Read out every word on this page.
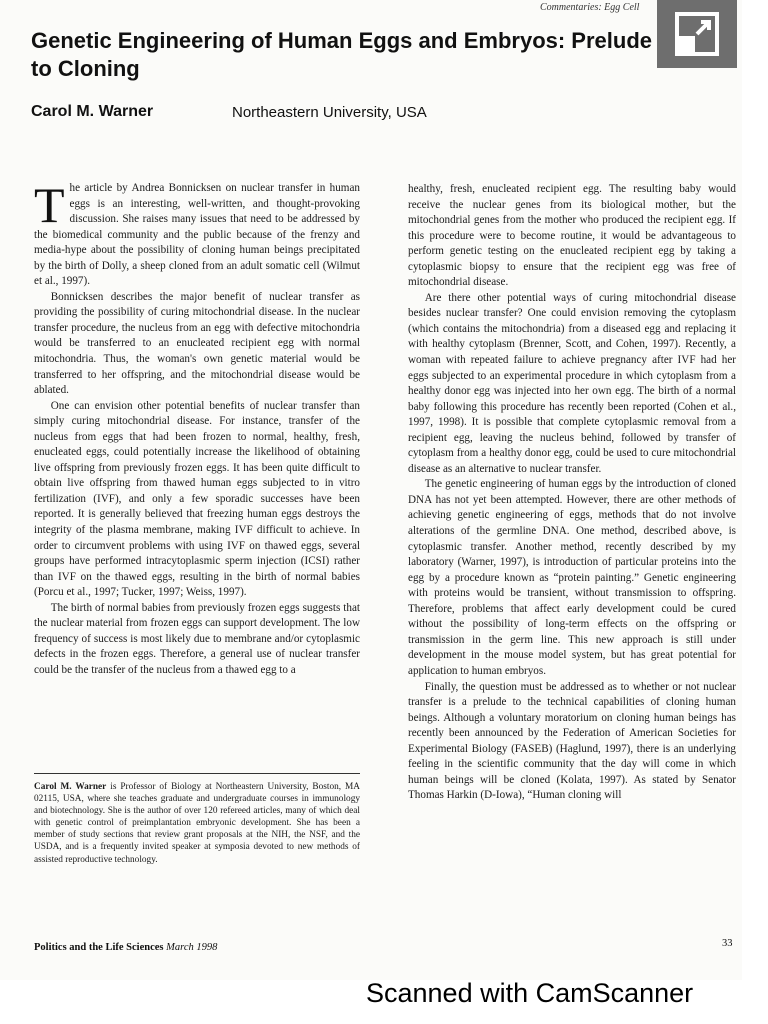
Commentaries: Egg Cell
Genetic Engineering of Human Eggs and Embryos: Prelude to Cloning

Carol M. Warner	Northeastern University, USA

The article by Andrea Bonnicksen on nuclear transfer in human eggs is an interesting, well-written, and thought-provoking discussion. She raises many issues that need to be addressed by the biomedical community and the public because of the frenzy and media-hype about the possibility of cloning human beings precipitated by the birth of Dolly, a sheep cloned from an adult somatic cell (Wilmut et al., 1997).

Bonnicksen describes the major benefit of nuclear transfer as providing the possibility of curing mitochondrial disease. In the nuclear transfer procedure, the nucleus from an egg with defective mitochondria would be transferred to an enucleated recipient egg with normal mitochondria. Thus, the woman's own genetic material would be transferred to her offspring, and the mitochondrial disease would be ablated.

One can envision other potential benefits of nuclear transfer than simply curing mitochondrial disease. For instance, transfer of the nucleus from eggs that had been frozen to normal, healthy, fresh, enucleated eggs, could potentially increase the likelihood of obtaining live offspring from previously frozen eggs. It has been quite difficult to obtain live offspring from thawed human eggs subjected to in vitro fertilization (IVF), and only a few sporadic successes have been reported. It is generally believed that freezing human eggs destroys the integrity of the plasma membrane, making IVF difficult to achieve. In order to circumvent problems with using IVF on thawed eggs, several groups have performed intracytoplasmic sperm injection (ICSI) rather than IVF on the thawed eggs, resulting in the birth of normal babies (Porcu et al., 1997; Tucker, 1997; Weiss, 1997).

The birth of normal babies from previously frozen eggs suggests that the nuclear material from frozen eggs can support development. The low frequency of success is most likely due to membrane and/or cytoplasmic defects in the frozen eggs. Therefore, a general use of nuclear transfer could be the transfer of the nucleus from a thawed egg to a

healthy, fresh, enucleated recipient egg. The resulting baby would receive the nuclear genes from its biological mother, but the mitochondrial genes from the mother who produced the recipient egg. If this procedure were to become routine, it would be advantageous to perform genetic testing on the enucleated recipient egg by taking a cytoplasmic biopsy to ensure that the recipient egg was free of mitochondrial disease.

Are there other potential ways of curing mitochondrial disease besides nuclear transfer? One could envision removing the cytoplasm (which contains the mitochondria) from a diseased egg and replacing it with healthy cytoplasm (Brenner, Scott, and Cohen, 1997). Recently, a woman with repeated failure to achieve pregnancy after IVF had her eggs subjected to an experimental procedure in which cytoplasm from a healthy donor egg was injected into her own egg. The birth of a normal baby following this procedure has recently been reported (Cohen et al., 1997, 1998). It is possible that complete cytoplasmic removal from a recipient egg, leaving the nucleus behind, followed by transfer of cytoplasm from a healthy donor egg, could be used to cure mitochondrial disease as an alternative to nuclear transfer.

The genetic engineering of human eggs by the introduction of cloned DNA has not yet been attempted. However, there are other methods of achieving genetic engineering of eggs, methods that do not involve alterations of the germline DNA. One method, described above, is cytoplasmic transfer. Another method, recently described by my laboratory (Warner, 1997), is introduction of particular proteins into the egg by a procedure known as “protein painting.” Genetic engineering with proteins would be transient, without transmission to offspring. Therefore, problems that affect early development could be cured without the possibility of long-term effects on the offspring or transmission in the germ line. This new approach is still under development in the mouse model system, but has great potential for application to human embryos.

Finally, the question must be addressed as to whether or not nuclear transfer is a prelude to the technical capabilities of cloning human beings. Although a voluntary moratorium on cloning human beings has recently been announced by the Federation of American Societies for Experimental Biology (FASEB) (Haglund, 1997), there is an underlying feeling in the scientific community that the day will come in which human beings will be cloned (Kolata, 1997). As stated by Senator Thomas Harkin (D-Iowa), “Human cloning will

Carol M. Warner is Professor of Biology at Northeastern University, Boston, MA 02115, USA, where she teaches graduate and undergraduate courses in immunology and biotechnology. She is the author of over 120 refereed articles, many of which deal with genetic control of preimplantation embryonic development. She has been a member of study sections that review grant proposals at the NIH, the NSF, and the USDA, and is a frequently invited speaker at symposia devoted to new methods of assisted reproductive technology.

Politics and the Life Sciences March 1998	33

Scanned with CamScanner
